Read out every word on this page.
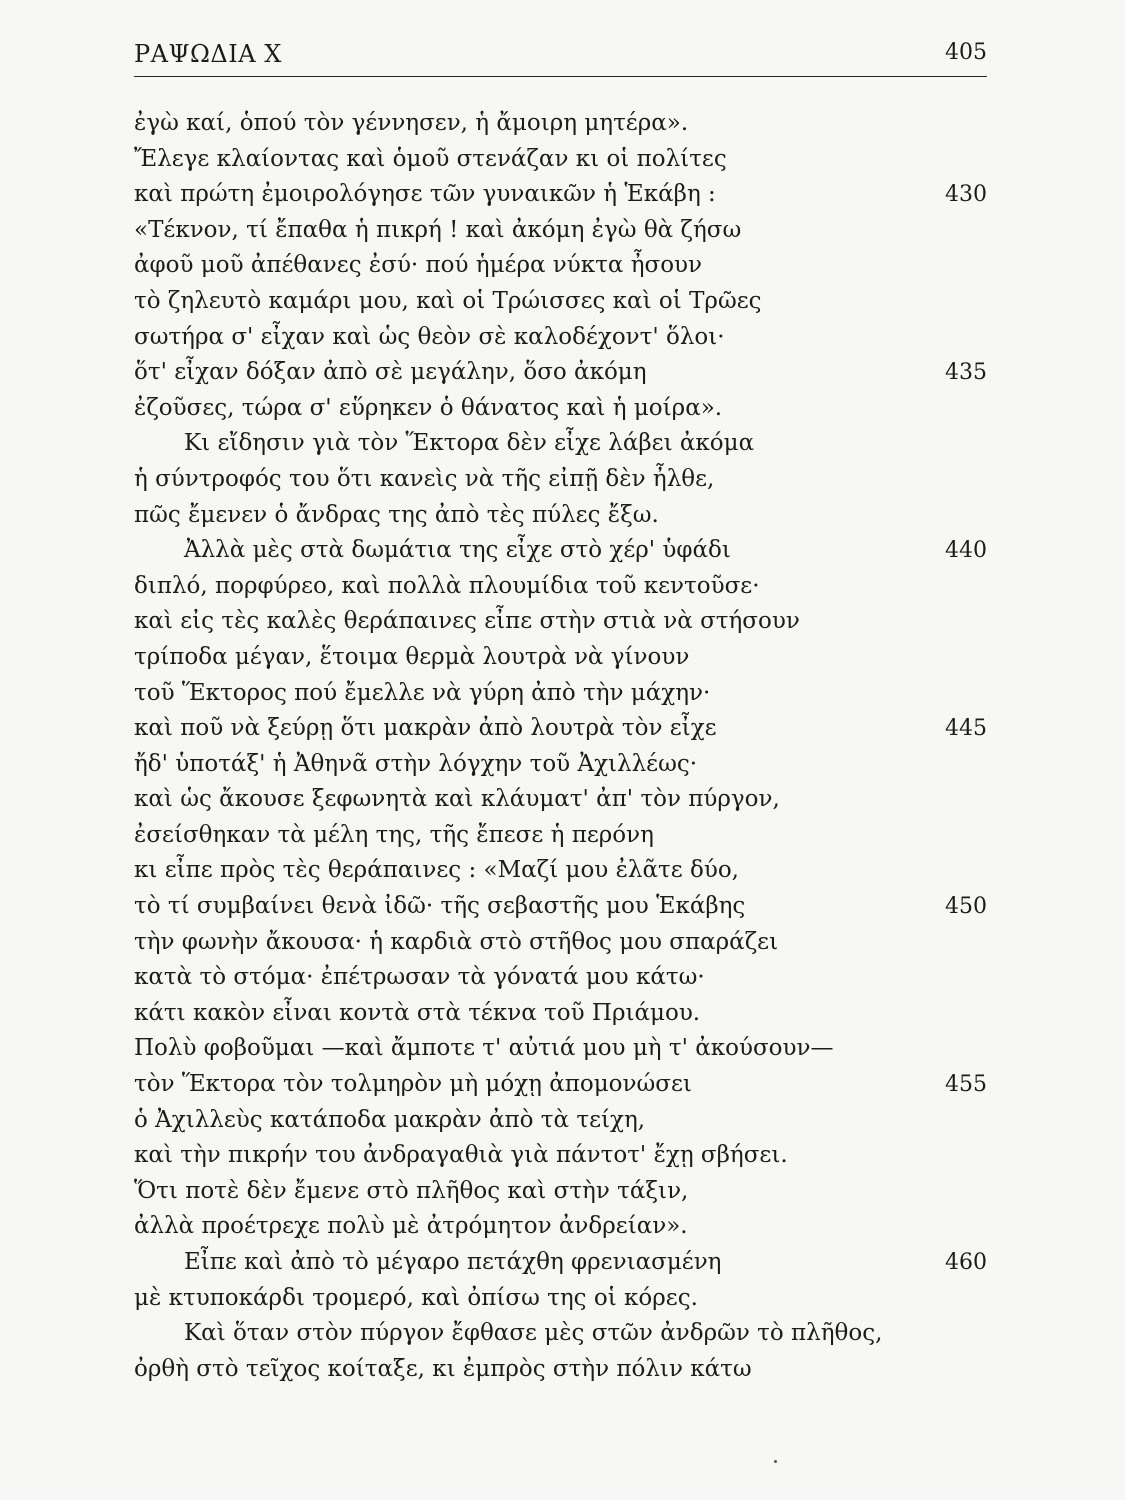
ΡΑΨΩΔΙΑ Χ	405
ἐγὼ καί, ὁπού τὸν γέννησεν, ἡ ἄμοιρη μητέρα».
Ἔλεγε κλαίοντας καὶ ὁμοῦ στενάζαν κι οἱ πολίτες
καὶ πρώτη ἐμοιρολόγησε τῶν γυναικῶν ἡ Ἑκάβη :	430
«Τέκνον, τί ἔπαθα ἡ πικρή ! καὶ ἀκόμη ἐγὼ θὰ ζήσω
ἀφοῦ μοῦ ἀπέθανες ἐσύ· πού ἡμέρα νύκτα ἦσουν
τὸ ζηλευτὸ καμάρι μου, καὶ οἱ Τρώισσες καὶ οἱ Τρῶες
σωτήρα σ' εἶχαν καὶ ὡς θεὸν σὲ καλοδέχοντ' ὅλοι·
ὅτ' εἶχαν δόξαν ἀπὸ σὲ μεγάλην, ὅσο ἀκόμη	435
ἐζοῦσες, τώρα σ' εὕρηκεν ὁ θάνατος καὶ ἡ μοίρα».
Κι εἴδησιν γιὰ τὸν Ἕκτορα δὲν εἶχε λάβει ἀκόμα
ἡ σύντροφός του ὅτι κανεὶς νὰ τῆς εἰπῇ δὲν ἦλθε,
πῶς ἔμενεν ὁ ἄνδρας της ἀπὸ τὲς πύλες ἔξω.
Ἀλλὰ μὲς στὰ δωμάτια της εἶχε στὸ χέρ' ὑφάδι	440
διπλό, πορφύρεο, καὶ πολλὰ πλουμίδια τοῦ κεντοῦσε·
καὶ εἰς τὲς καλὲς θεράπαινες εἶπε στὴν στιὰ νὰ στήσουν
τρίποδα μέγαν, ἕτοιμα θερμὰ λουτρὰ νὰ γίνουν
τοῦ Ἕκτορος πού ἔμελλε νὰ γύρη ἀπὸ τὴν μάχην·
καὶ ποῦ νὰ ξεύρῃ ὅτι μακρὰν ἀπὸ λουτρὰ τὸν εἶχε	445
ἤδ' ὑποτάξ' ἡ Ἀθηνᾶ στὴν λόγχην τοῦ Ἀχιλλέως·
καὶ ὡς ἄκουσε ξεφωνητὰ καὶ κλάυματ' ἀπ' τὸν πύργον,
ἐσείσθηκαν τὰ μέλη της, τῆς ἔπεσε ἡ περόνη
κι εἶπε πρὸς τὲς θεράπαινες : «Μαζί μου ἐλᾶτε δύο,
τὸ τί συμβαίνει θενὰ ἰδῶ· τῆς σεβαστῆς μου Ἑκάβης	450
τὴν φωνὴν ἄκουσα· ἡ καρδιὰ στὸ στῆθος μου σπαράζει
κατὰ τὸ στόμα· ἐπέτρωσαν τὰ γόνατά μου κάτω·
κάτι κακὸν εἶναι κοντὰ στὰ τέκνα τοῦ Πριάμου.
Πολὺ φοβοῦμαι —καὶ ἄμποτε τ' αὐτιά μου μὴ τ' ἀκούσουν—
τὸν Ἕκτορα τὸν τολμηρὸν μὴ μόχῃ ἀπομονώσει	455
ὁ Ἀχιλλεὺς κατάποδα μακρὰν ἀπὸ τὰ τείχη,
καὶ τὴν πικρήν του ἀνδραγαθιὰ γιὰ πάντοτ' ἔχῃ σβήσει.
Ὅτι ποτὲ δὲν ἔμενε στὸ πλῆθος καὶ στὴν τάξιν,
ἀλλὰ προέτρεχε πολὺ μὲ ἀτρόμητον ἀνδρείαν».
Εἶπε καὶ ἀπὸ τὸ μέγαρο πετάχθη φρενιασμένη	460
μὲ κτυποκάρδι τρομερό, καὶ ὀπίσω της οἱ κόρες.
Καὶ ὅταν στὸν πύργον ἔφθασε μὲς στῶν ἀνδρῶν τὸ πλῆθος,
ὀρθὴ στὸ τεῖχος κοίταξε, κι ἐμπρὸς στὴν πόλιν κάτω
